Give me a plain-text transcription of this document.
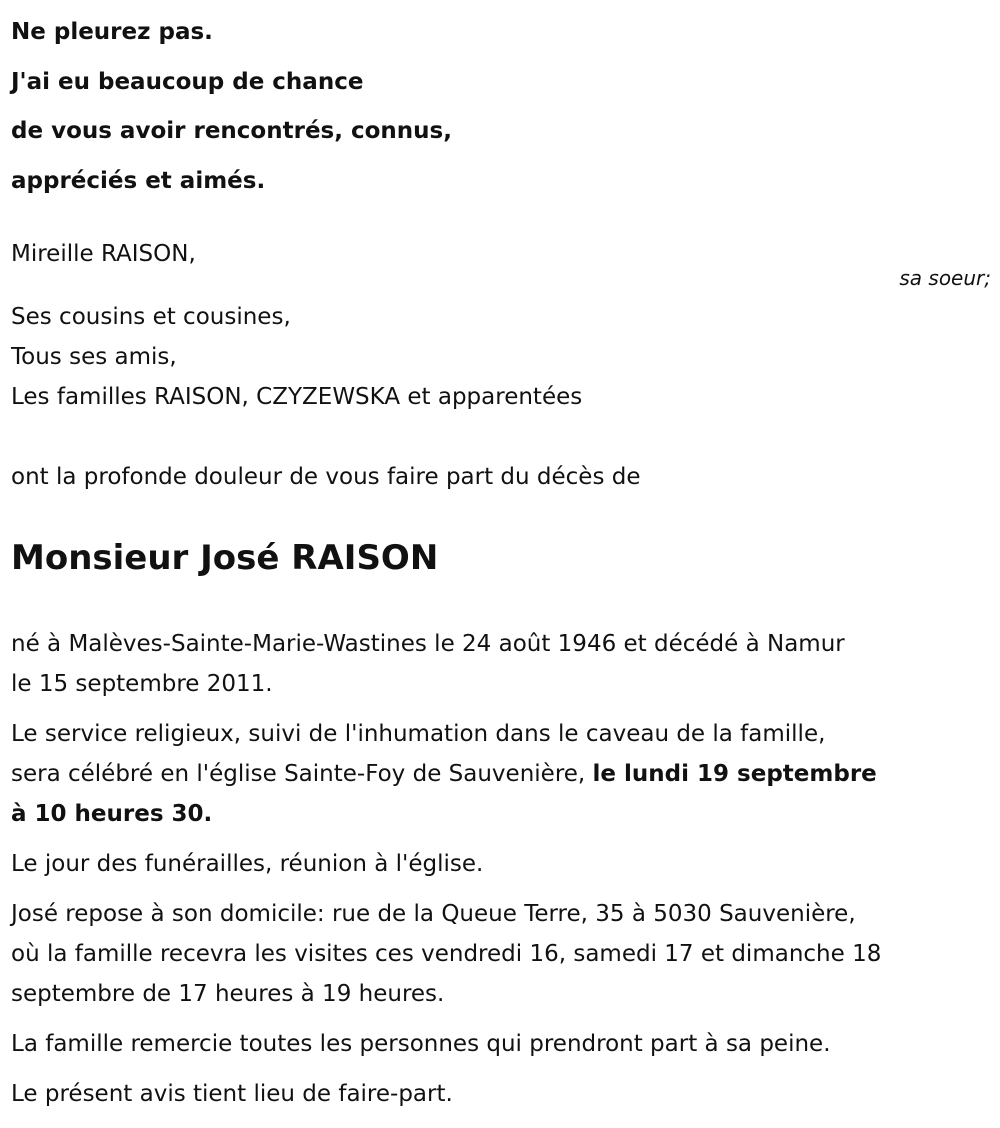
Ne pleurez pas.
J'ai eu beaucoup de chance
de vous avoir rencontrés, connus,
appréciés et aimés.
Mireille RAISON,
sa soeur;
Ses cousins et cousines,
Tous ses amis,
Les familles RAISON, CZYZEWSKA et apparentées
ont la profonde douleur de vous faire part du décès de
Monsieur José RAISON
né à Malèves-Sainte-Marie-Wastines le 24 août 1946 et décédé à Namur
le 15 septembre 2011.
Le service religieux, suivi de l'inhumation dans le caveau de la famille,
sera célébré en l'église Sainte-Foy de Sauvenière, le lundi 19 septembre
à 10 heures 30.
Le jour des funérailles, réunion à l'église.
José repose à son domicile: rue de la Queue Terre, 35 à 5030 Sauvenière,
où la famille recevra les visites ces vendredi 16, samedi 17 et dimanche 18
septembre de 17 heures à 19 heures.
La famille remercie toutes les personnes qui prendront part à sa peine.
Le présent avis tient lieu de faire-part.
